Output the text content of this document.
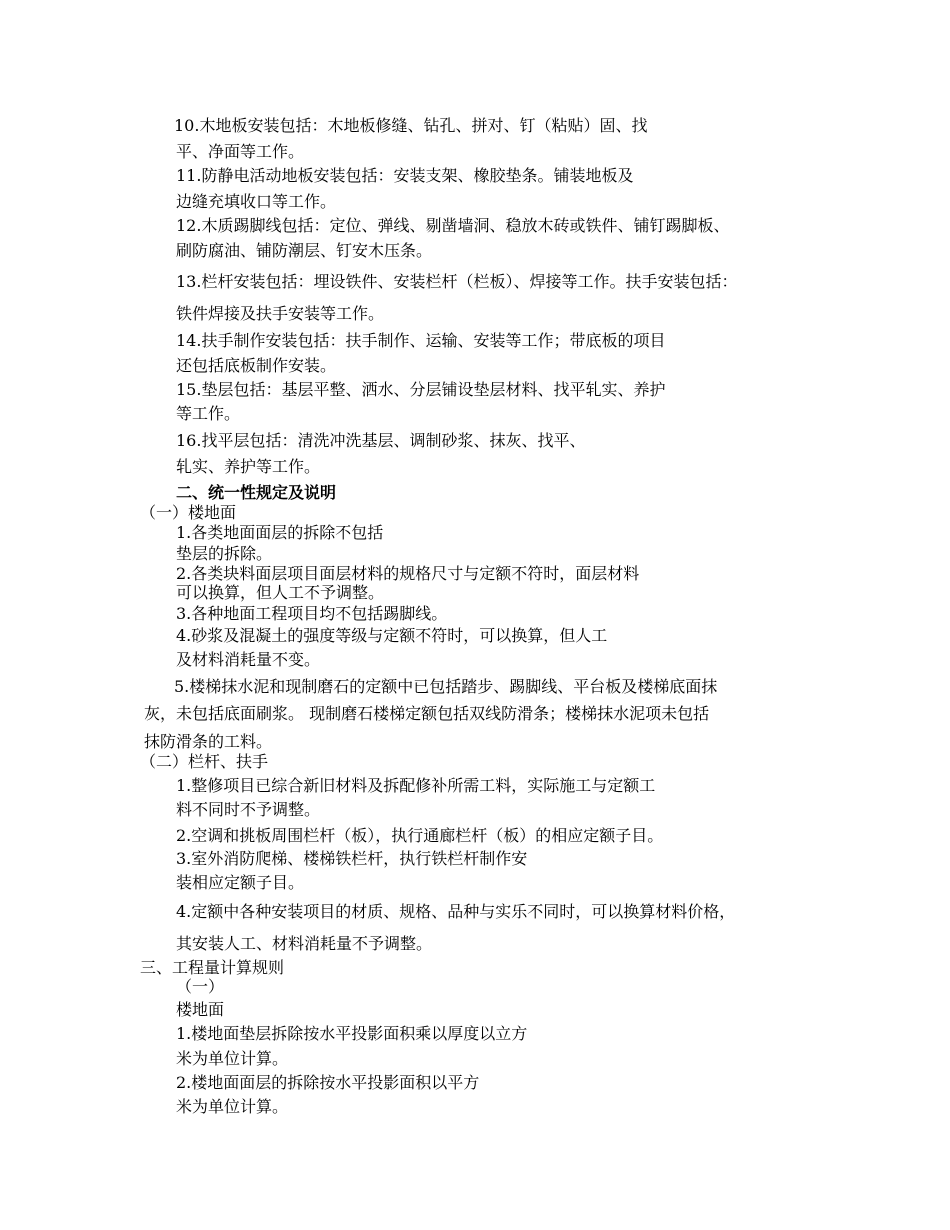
10.木地板安装包括：木地板修缝、钻孔、拼对、钉（粘贴）固、找
平、净面等工作。
11.防静电活动地板安装包括：安装支架、橡胶垫条。铺装地板及
边缝充填收口等工作。
12.木质踢脚线包括：定位、弹线、剔凿墙洞、稳放木砖或铁件、铺钉踢脚板、
刷防腐油、铺防潮层、钉安木压条。
13.栏杆安装包括：埋设铁件、安装栏杆（栏板）、焊接等工作。扶手安装包括：
铁件焊接及扶手安装等工作。
14.扶手制作安装包括：扶手制作、运输、安装等工作；带底板的项目
还包括底板制作安装。
15.垫层包括：基层平整、洒水、分层铺设垫层材料、找平轧实、养护
等工作。
16.找平层包括：清洗冲洗基层、调制砂浆、抹灰、找平、
轧实、养护等工作。
二、统一性规定及说明
（一）楼地面
1.各类地面面层的拆除不包括
垫层的拆除。
2.各类块料面层项目面层材料的规格尺寸与定额不符时，面层材料
可以换算，但人工不予调整。
3.各种地面工程项目均不包括踢脚线。
4.砂浆及混凝土的强度等级与定额不符时，可以换算，但人工
及材料消耗量不变。
5.楼梯抹水泥和现制磨石的定额中已包括踏步、踢脚线、平台板及楼梯底面抹
灰，未包括底面刷浆。 现制磨石楼梯定额包括双线防滑条；楼梯抹水泥项未包括
抹防滑条的工料。
（二）栏杆、扶手
1.整修项目已综合新旧材料及拆配修补所需工料，实际施工与定额工
料不同时不予调整。
2.空调和挑板周围栏杆（板），执行通廊栏杆（板）的相应定额子目。
3.室外消防爬梯、楼梯铁栏杆，执行铁栏杆制作安
装相应定额子目。
4.定额中各种安装项目的材质、规格、品种与实乐不同时，可以换算材料价格，
其安装人工、材料消耗量不予调整。
三、工程量计算规则
（一）
楼地面
1.楼地面垫层拆除按水平投影面积乘以厚度以立方
米为单位计算。
2.楼地面面层的拆除按水平投影面积以平方
米为单位计算。
